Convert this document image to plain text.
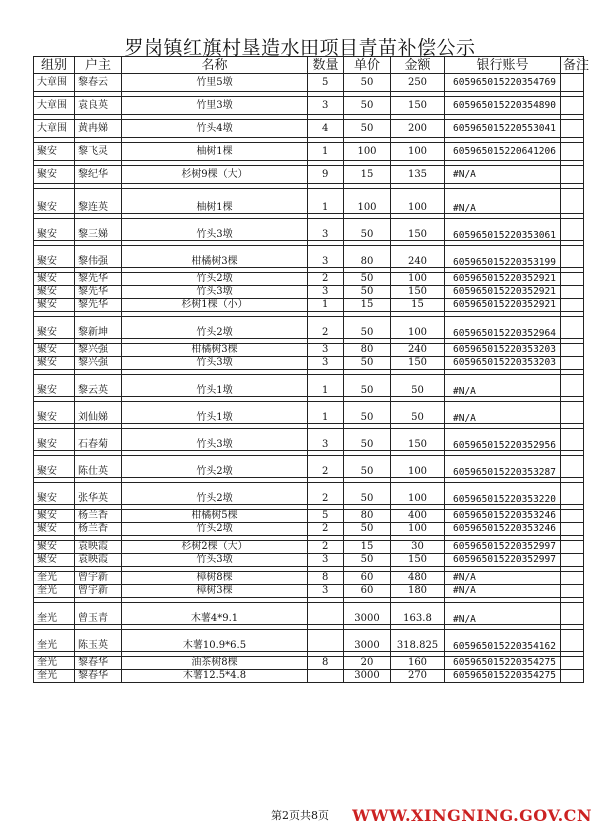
罗岗镇红旗村垦造水田项目青苗补偿公示
组别	户主	名称	数量	单价	金额	银行账号	备注
大章围	黎春云	竹里5墩	5	50	250	605965015220354769	

大章围	袁良英	竹里3墩	3	50	150	605965015220354890	

大章围	黄冉娣	竹头4墩	4	50	200	605965015220553041	

聚安	黎飞灵	柚树1棵	1	100	100	605965015220641206	

聚安	黎纪华	杉树9棵（大）	9	15	135	#N/A	

聚安	黎连英	柚树1棵	1	100	100	#N/A	

聚安	黎三娣	竹头3墩	3	50	150	605965015220353061	

聚安	黎伟强	柑橘树3棵	3	80	240	605965015220353199	

聚安	黎先华	竹头2墩	2	50	100	605965015220352921	
聚安	黎先华	竹头3墩	3	50	150	605965015220352921	
聚安	黎先华	杉树1棵（小）	1	15	15	605965015220352921	

聚安	黎新坤	竹头2墩	2	50	100	605965015220352964	

聚安	黎兴强	柑橘树3棵	3	80	240	605965015220353203	
聚安	黎兴强	竹头3墩	3	50	150	605965015220353203	

聚安	黎云英	竹头1墩	1	50	50	#N/A	

聚安	刘仙娣	竹头1墩	1	50	50	#N/A	

聚安	石春菊	竹头3墩	3	50	150	605965015220352956	

聚安	陈仕英	竹头2墩	2	50	100	605965015220353287	

聚安	张华英	竹头2墩	2	50	100	605965015220353220	

聚安	杨兰香	柑橘树5棵	5	80	400	605965015220353246	
聚安	杨兰香	竹头2墩	2	50	100	605965015220353246	

聚安	袁映霞	杉树2棵（大）	2	15	30	605965015220352997	
聚安	袁映霞	竹头3墩	3	50	150	605965015220352997	

奎光	曾宇新	樟树8棵	8	60	480	#N/A	
奎光	曾宇新	樟树3棵	3	60	180	#N/A	

奎光	曾玉青	木薯4*9.1		3000	163.8	#N/A	

奎光	陈玉英	木薯10.9*6.5		3000	318.825	605965015220354162	

奎光	黎春华	油茶树8棵	8	20	160	605965015220354275	
奎光	黎春华	木薯12.5*4.8		3000	270	605965015220354275	
第2页共8页	WWW.XINGNING.GOV.CN
